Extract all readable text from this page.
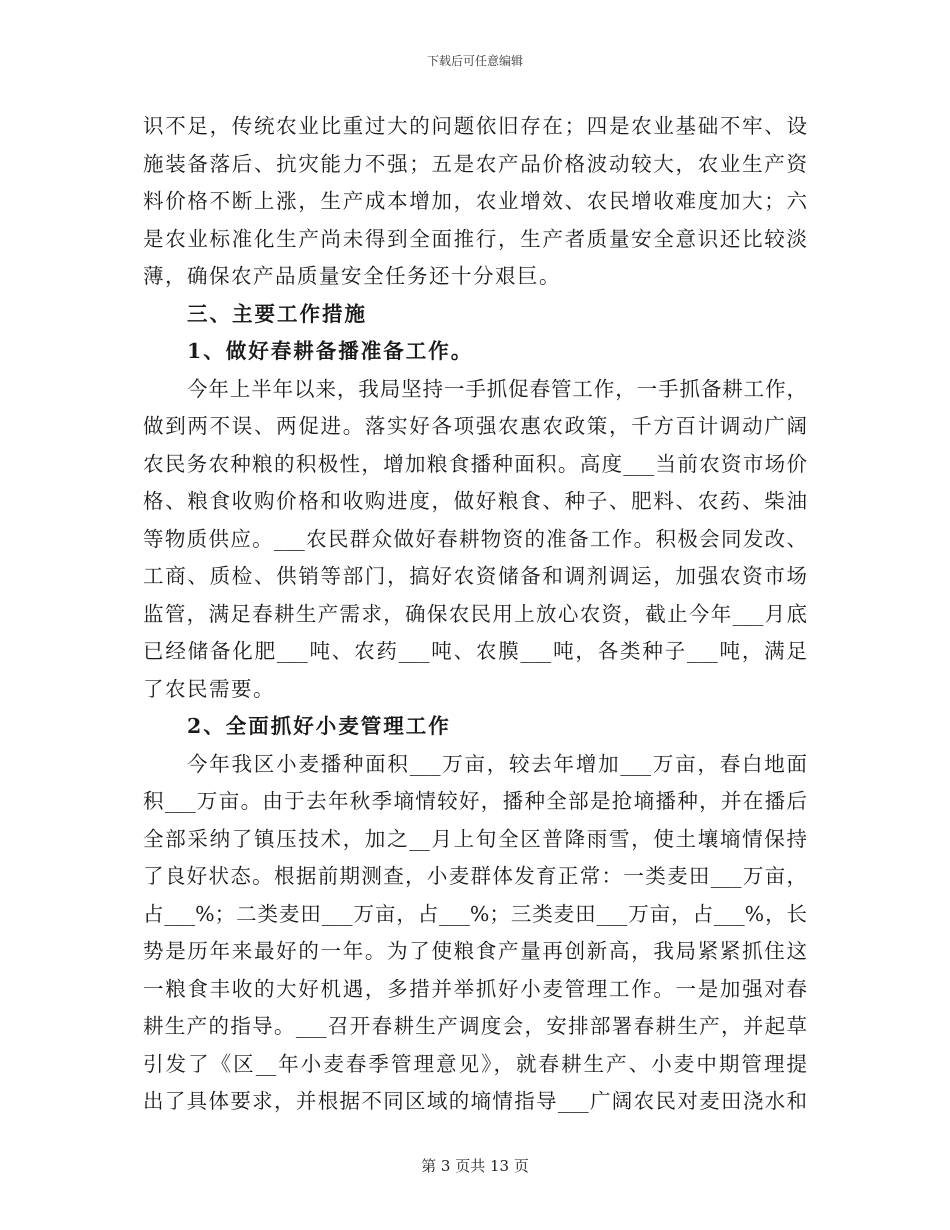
下载后可任意编辑
识不足，传统农业比重过大的问题依旧存在；四是农业基础不牢、设
施装备落后、抗灾能力不强；五是农产品价格波动较大，农业生产资
料价格不断上涨，生产成本增加，农业增效、农民增收难度加大；六
是农业标准化生产尚未得到全面推行，生产者质量安全意识还比较淡
薄，确保农产品质量安全任务还十分艰巨。
三、主要工作措施
1、做好春耕备播准备工作。
今年上半年以来，我局坚持一手抓促春管工作，一手抓备耕工作，
做到两不误、两促进。落实好各项强农惠农政策，千方百计调动广阔
农民务农种粮的积极性，增加粮食播种面积。高度___当前农资市场价
格、粮食收购价格和收购进度，做好粮食、种子、肥料、农药、柴油
等物质供应。___农民群众做好春耕物资的准备工作。积极会同发改、
工商、质检、供销等部门，搞好农资储备和调剂调运，加强农资市场
监管，满足春耕生产需求，确保农民用上放心农资，截止今年___月底
已经储备化肥___吨、农药___吨、农膜___吨，各类种子___吨，满足
了农民需要。
2、全面抓好小麦管理工作
今年我区小麦播种面积___万亩，较去年增加___万亩，春白地面
积___万亩。由于去年秋季墒情较好，播种全部是抢墒播种，并在播后
全部采纳了镇压技术，加之__月上旬全区普降雨雪，使土壤墒情保持
了良好状态。根据前期测查，小麦群体发育正常：一类麦田___万亩，
占___%；二类麦田___万亩，占___%；三类麦田___万亩，占___%，长
势是历年来最好的一年。为了使粮食产量再创新高，我局紧紧抓住这
一粮食丰收的大好机遇，多措并举抓好小麦管理工作。一是加强对春
耕生产的指导。___召开春耕生产调度会，安排部署春耕生产，并起草
引发了《区__年小麦春季管理意见》，就春耕生产、小麦中期管理提
出了具体要求，并根据不同区域的墒情指导___广阔农民对麦田浇水和
第 3 页共 13 页
